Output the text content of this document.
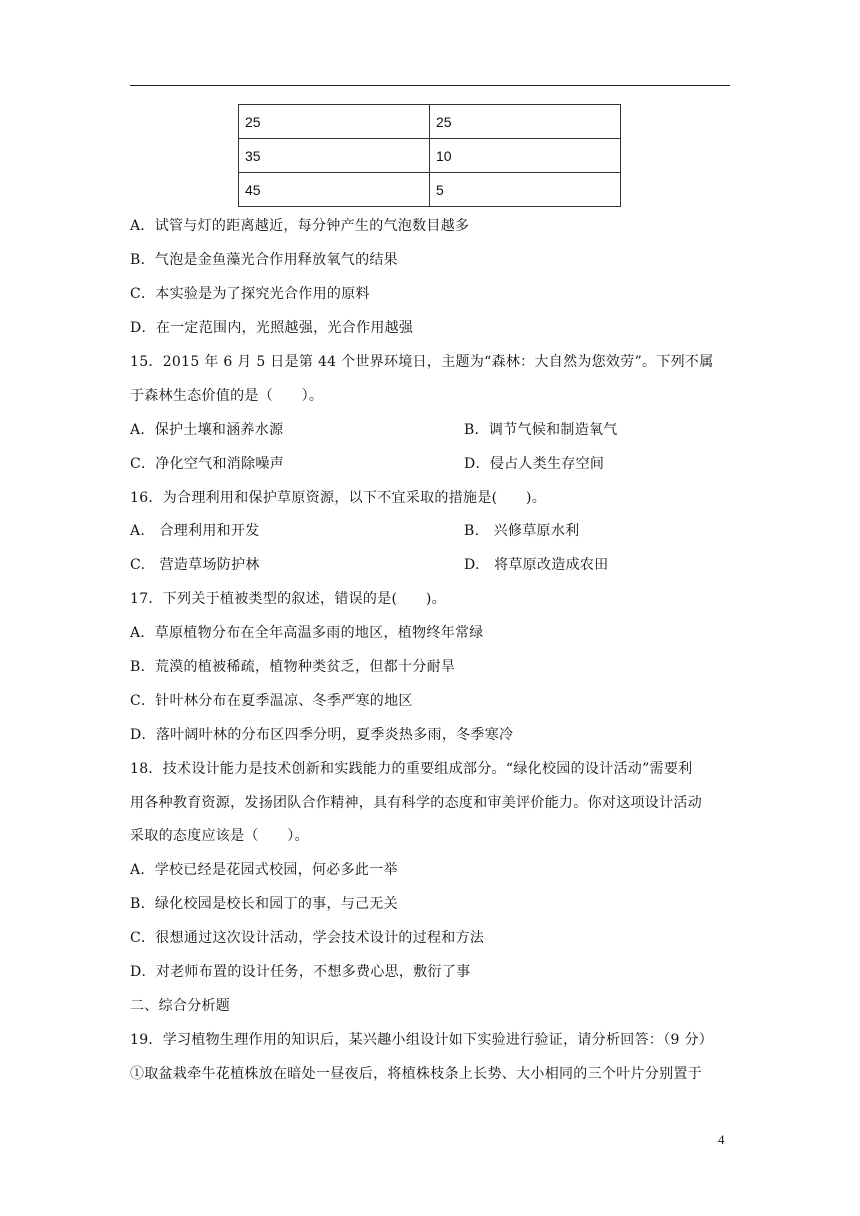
25	25
35	10
45	5
A．试管与灯的距离越近，每分钟产生的气泡数目越多
B．气泡是金鱼藻光合作用释放氧气的结果
C．本实验是为了探究光合作用的原料
D．在一定范围内，光照越强，光合作用越强
15．2015 年 6 月 5 日是第 44 个世界环境日，主题为“森林：大自然为您效劳”。下列不属
于森林生态价值的是（　　）。
A．保护土壤和涵养水源	B．调节气候和制造氧气
C．净化空气和消除噪声	D．侵占人类生存空间
16．为合理利用和保护草原资源，以下不宜采取的措施是(　　)。
A.　合理利用和开发	B.　兴修草原水利
C.　营造草场防护林	D.　将草原改造成农田
17．下列关于植被类型的叙述，错误的是(　　)。
A．草原植物分布在全年高温多雨的地区，植物终年常绿
B．荒漠的植被稀疏，植物种类贫乏，但都十分耐旱
C．针叶林分布在夏季温凉、冬季严寒的地区
D．落叶阔叶林的分布区四季分明，夏季炎热多雨，冬季寒冷
18．技术设计能力是技术创新和实践能力的重要组成部分。“绿化校园的设计活动”需要利
用各种教育资源，发扬团队合作精神，具有科学的态度和审美评价能力。你对这项设计活动
采取的态度应该是（　　）。
A．学校已经是花园式校园，何必多此一举
B．绿化校园是校长和园丁的事，与己无关
C．很想通过这次设计活动，学会技术设计的过程和方法
D．对老师布置的设计任务，不想多费心思，敷衍了事
二、综合分析题
19．学习植物生理作用的知识后，某兴趣小组设计如下实验进行验证，请分析回答：（9 分）
①取盆栽牵牛花植株放在暗处一昼夜后，将植株枝条上长势、大小相同的三个叶片分别置于
4
